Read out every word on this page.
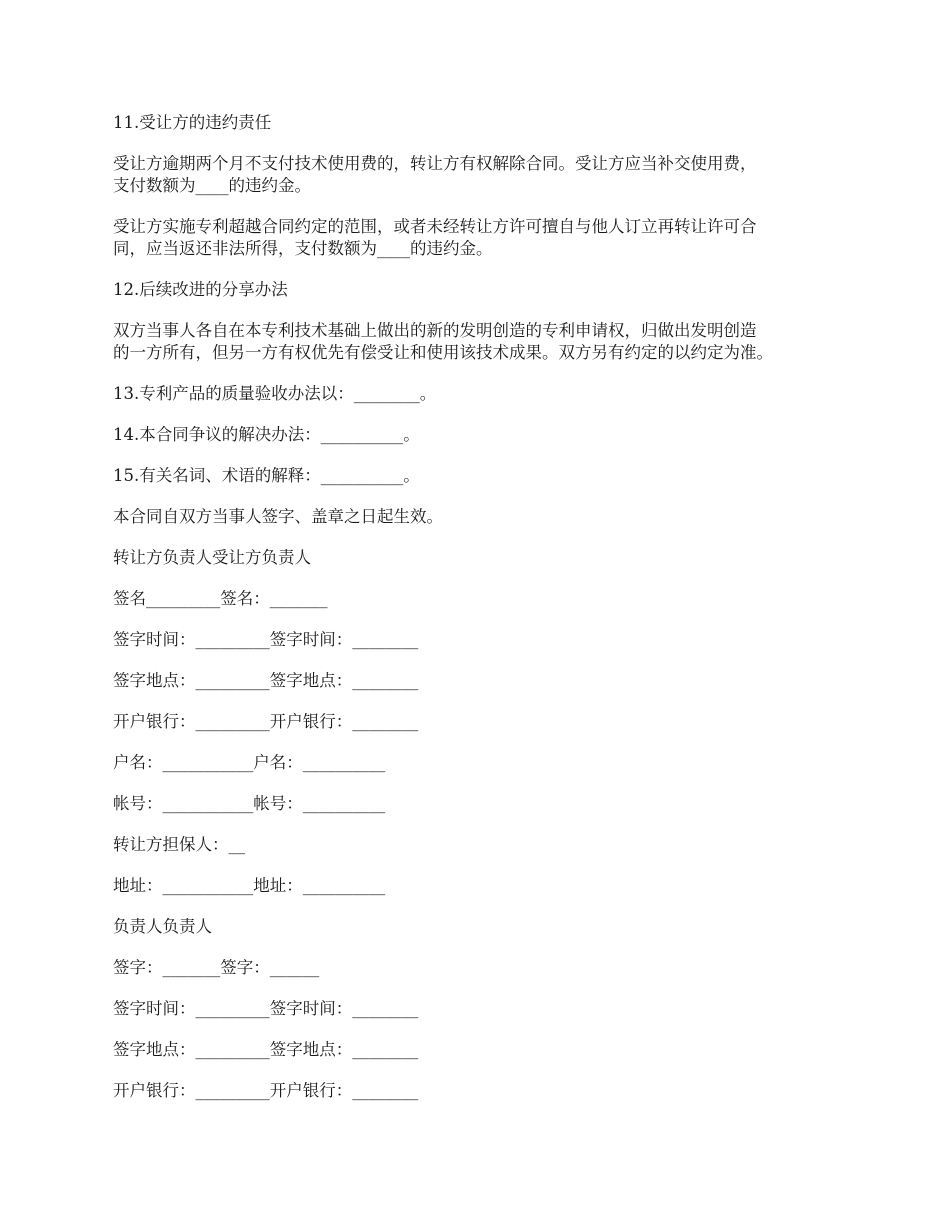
11.受让方的违约责任

受让方逾期两个月不支付技术使用费的，转让方有权解除合同。受让方应当补交使用费，
支付数额为____的违约金。
受让方实施专利超越合同约定的范围，或者未经转让方许可擅自与他人订立再转让许可合
同，应当返还非法所得，支付数额为____的违约金。

12.后续改进的分享办法

双方当事人各自在本专利技术基础上做出的新的发明创造的专利申请权，归做出发明创造
的一方所有，但另一方有权优先有偿受让和使用该技术成果。双方另有约定的以约定为准。

13.专利产品的质量验收办法以：________。

14.本合同争议的解决办法：__________。

15.有关名词、术语的解释：__________。

本合同自双方当事人签字、盖章之日起生效。

转让方负责人受让方负责人

签名_________签名：_______

签字时间：_________签字时间：________

签字地点：_________签字地点：________

开户银行：_________开户银行：________

户名：___________户名：__________

帐号：___________帐号：__________

转让方担保人：__

地址：___________地址：__________

负责人负责人

签字：_______签字：______

签字时间：_________签字时间：________

签字地点：_________签字地点：________

开户银行：_________开户银行：________
